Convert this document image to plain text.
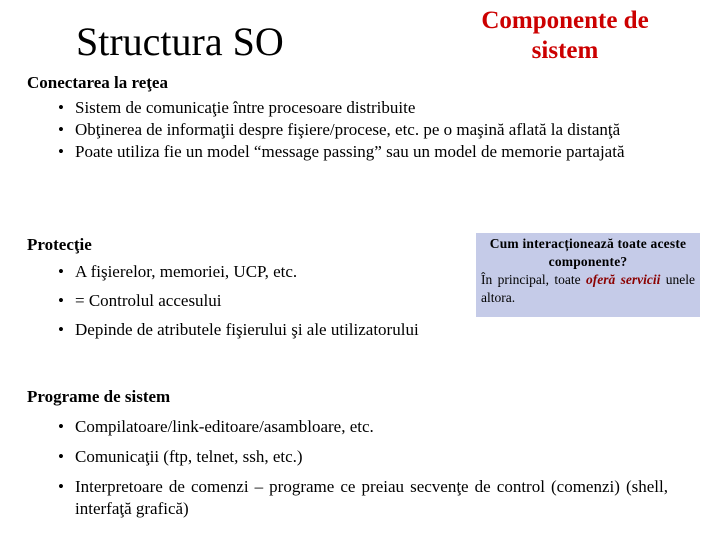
Structura SO	Componente de sistem
Conectarea la reţea
• Sistem de comunicaţie între procesoare distribuite
• Obţinerea de informaţii despre fişiere/procese, etc. pe o maşină aflată la distanţă
• Poate utiliza fie un model “message passing” sau un model de memorie partajată
Protecţie
• A fişierelor, memoriei, UCP, etc.
• = Controlul accesului
• Depinde de atributele fişierului şi ale utilizatorului
Cum interacționează toate aceste componente?
În principal, toate oferă servicii unele altora.
Programe de sistem
• Compilatoare/link-editoare/asambloare, etc.
• Comunicaţii (ftp, telnet, ssh, etc.)
• Interpretoare de comenzi – programe ce preiau secvenţe de control (comenzi) (shell, interfaţă grafică)
